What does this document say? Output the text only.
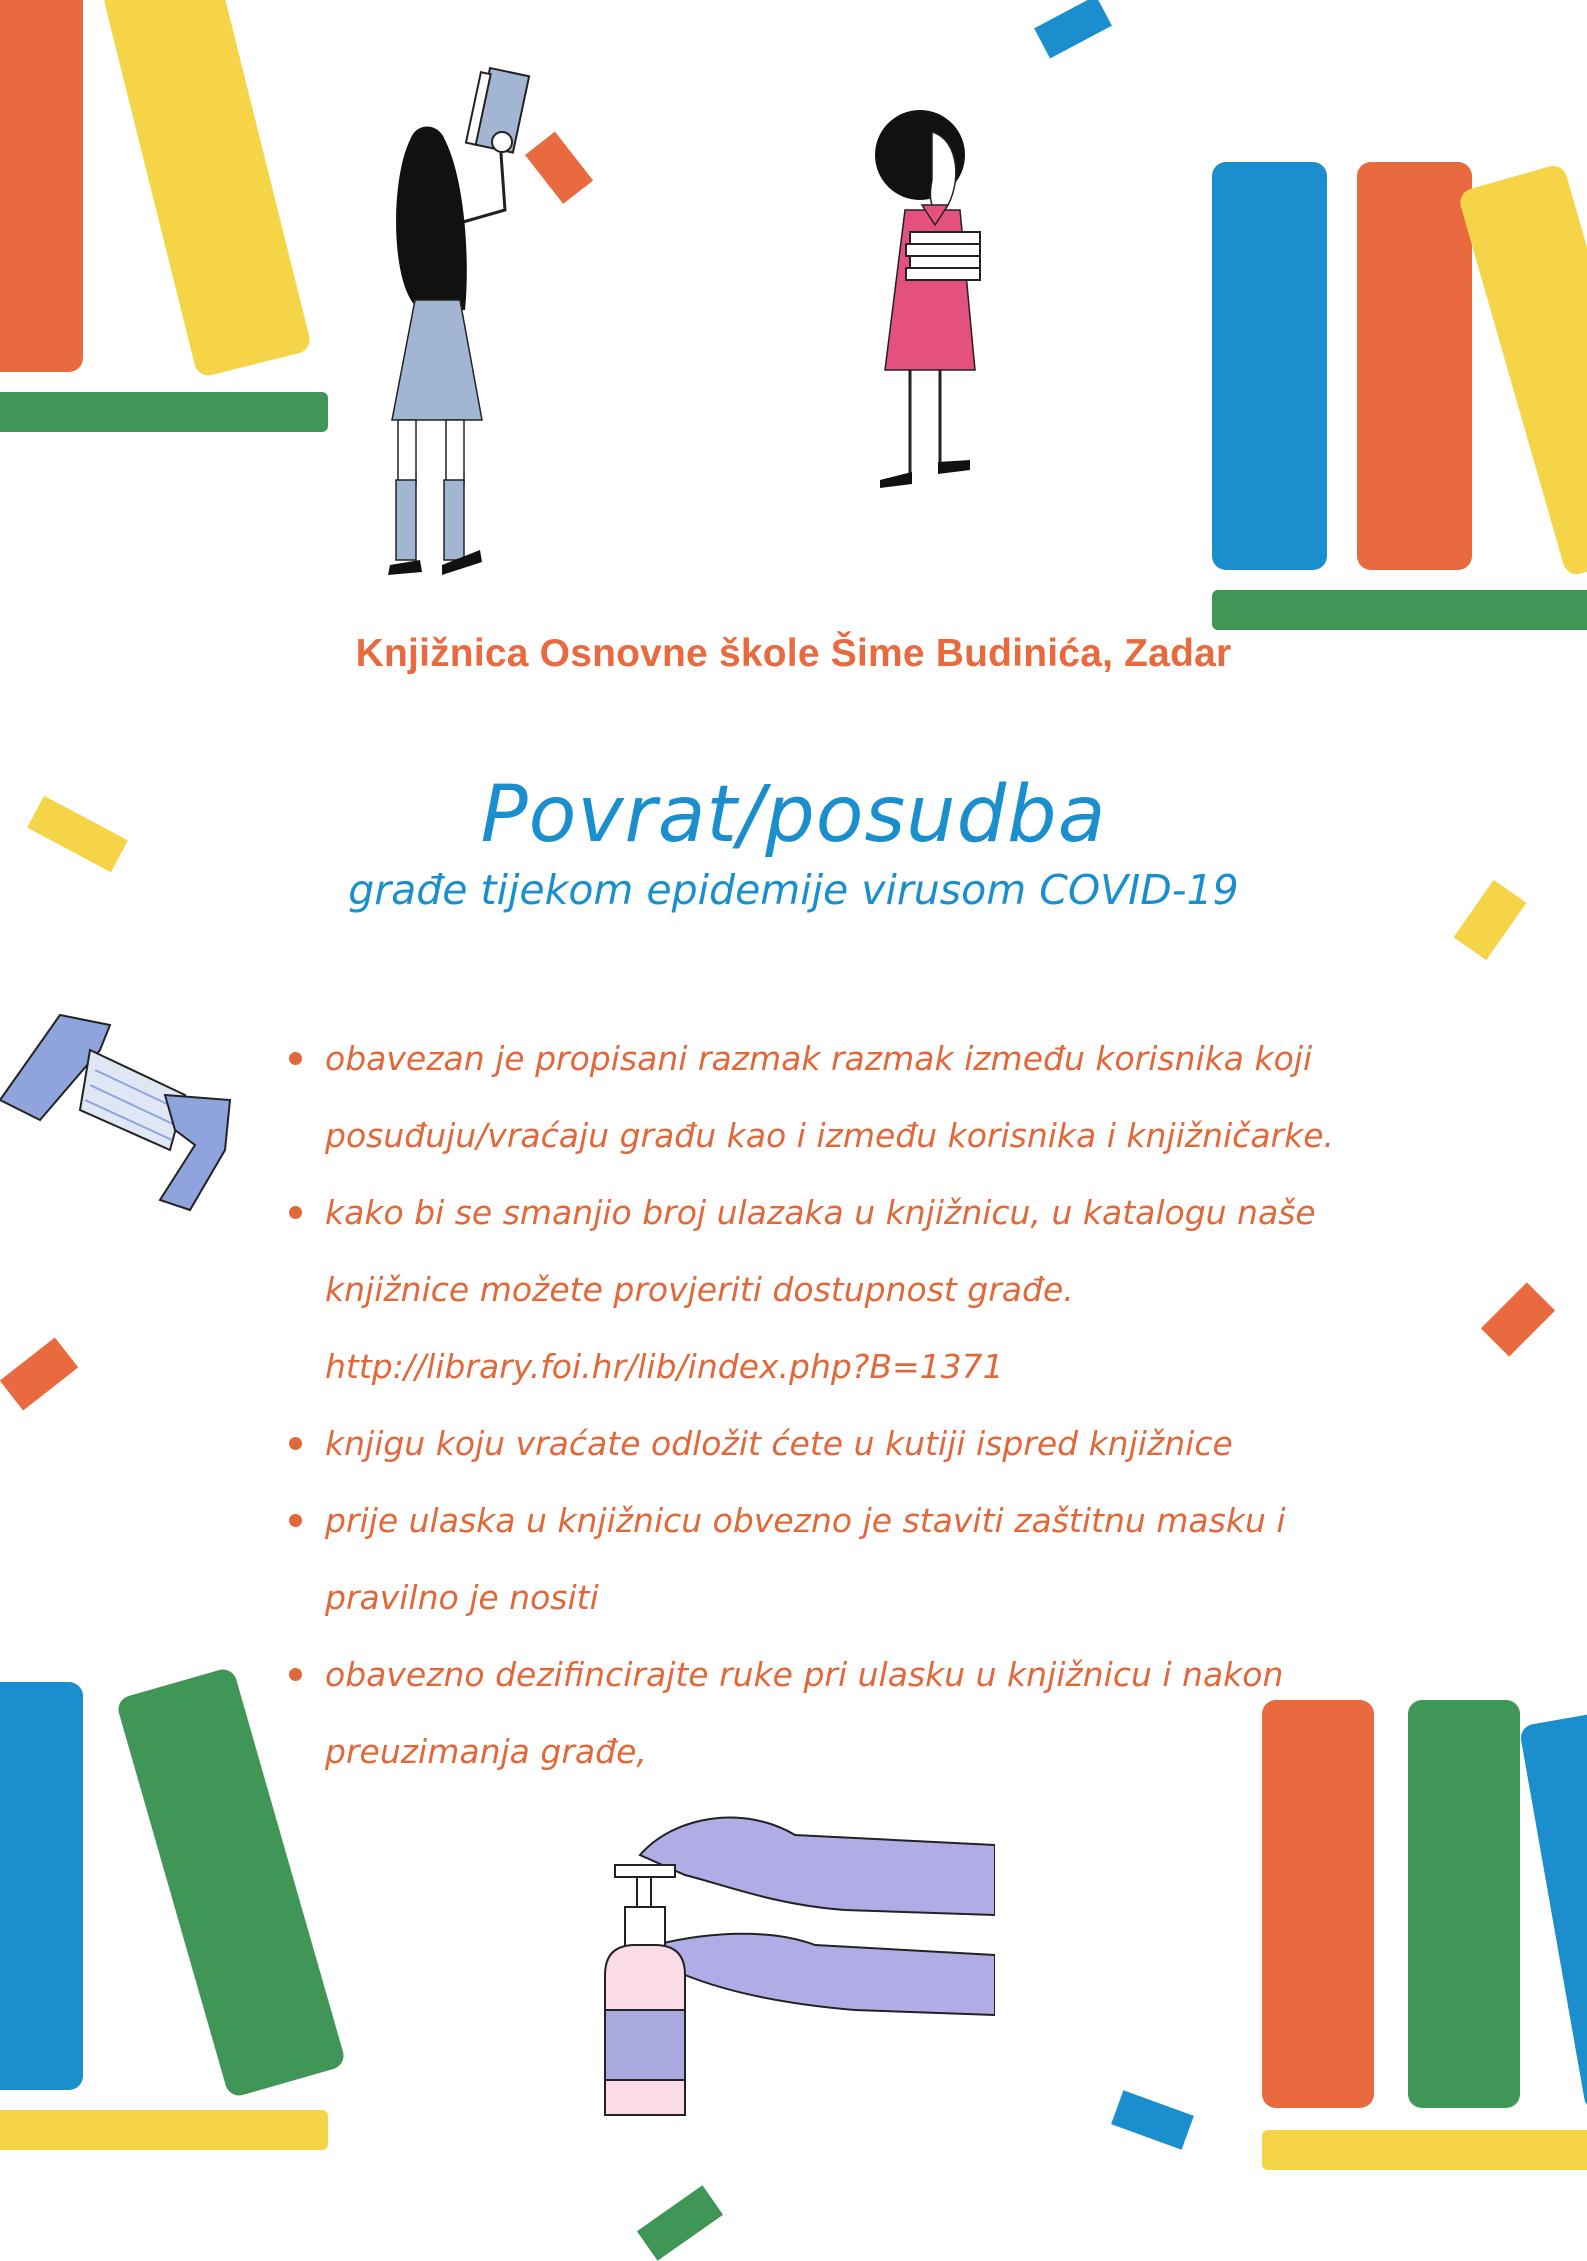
Knjižnica Osnovne škole Šime Budinića, Zadar
Povrat/posudba
građe tijekom epidemije virusom COVID-19
obavezan je propisani razmak razmak između korisnika koji posuđuju/vraćaju građu kao i između korisnika i knjižničarke.
kako bi se smanjio broj ulazaka u knjižnicu, u katalogu naše knjižnice možete provjeriti dostupnost građe.
http://library.foi.hr/lib/index.php?B=1371
knjigu koju vraćate odložit ćete u kutiji ispred knjižnice
prije ulaska u knjižnicu obvezno je staviti zaštitnu masku i pravilno je nositi
obavezno dezifincirajte ruke pri ulasku u knjižnicu i nakon preuzimanja građe,
